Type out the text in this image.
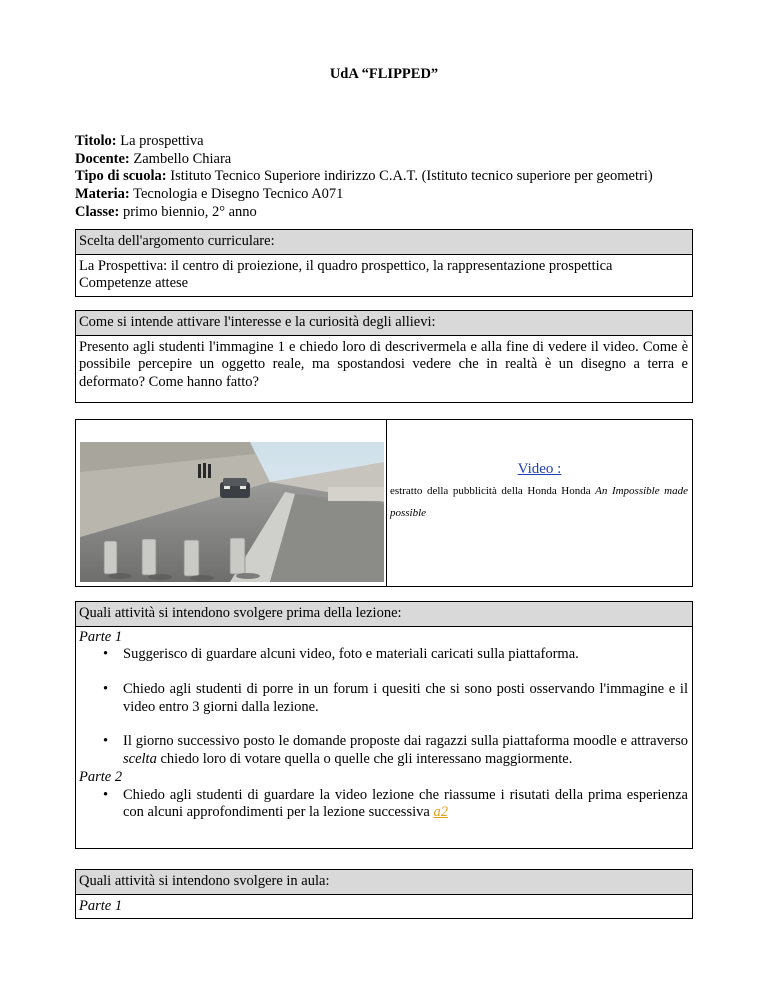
UdA “FLIPPED”
Titolo: La prospettiva
Docente: Zambello Chiara
Tipo di scuola: Istituto Tecnico Superiore indirizzo C.A.T. (Istituto tecnico superiore per geometri)
Materia: Tecnologia e Disegno Tecnico A071
Classe: primo biennio, 2° anno
Scelta dell'argomento curriculare:
La Prospettiva: il centro di proiezione, il quadro prospettico, la rappresentazione prospettica
Competenze attese
Come si intende attivare l'interesse e la curiosità degli allievi:
Presento agli studenti l'immagine 1 e chiedo loro di descrivermela e alla fine di vedere il video. Come è possibile percepire un oggetto reale, ma spostandosi vedere che in realtà è un disegno a terra e deformato? Come hanno fatto?
Video :
estratto della pubblicità della Honda Honda An Impossible made possible
Quali attività si intendono svolgere prima della lezione:
Parte 1
• Suggerisco di guardare alcuni video, foto e materiali caricati sulla piattaforma.
• Chiedo agli studenti di porre in un forum i quesiti che si sono posti osservando l'immagine e il video entro 3 giorni dalla lezione.
• Il giorno successivo posto le domande proposte dai ragazzi sulla piattaforma moodle e attraverso scelta chiedo loro di votare quella o quelle che gli interessano maggiormente.
Parte 2
• Chiedo agli studenti di guardare la video lezione che riassume i risutati della prima esperienza con alcuni approfondimenti per la lezione successiva a2
Quali attività si intendono svolgere in aula:
Parte 1
